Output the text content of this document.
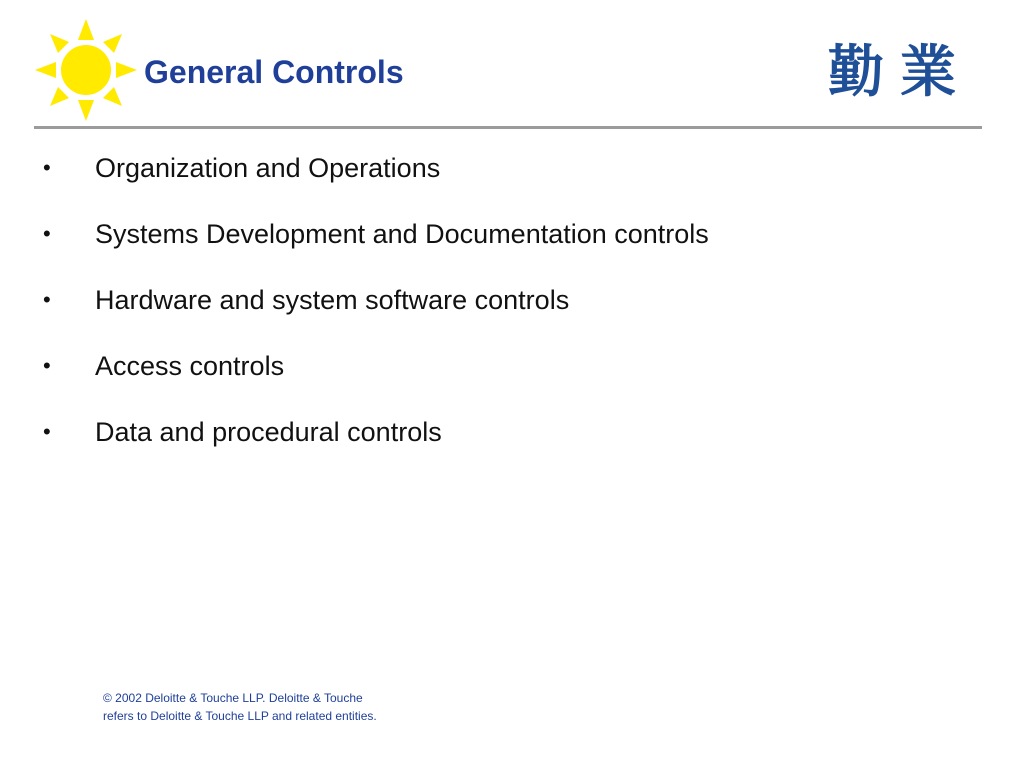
General Controls	勤業
• Organization and Operations
• Systems Development and Documentation controls
• Hardware and system software controls
• Access controls
• Data and procedural controls
© 2002 Deloitte & Touche LLP. Deloitte & Touche
refers to Deloitte & Touche LLP and related entities.
